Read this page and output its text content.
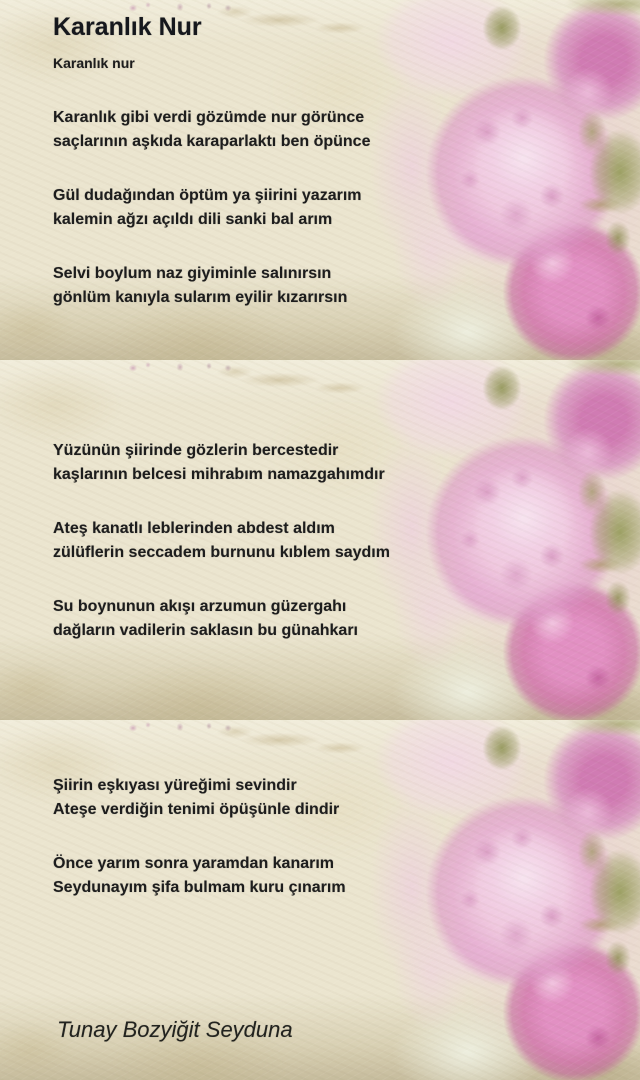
Karanlık Nur
Karanlık nur

Karanlık gibi verdi gözümde nur görünce
saçlarının aşkıda karaparlaktı ben öpünce

Gül dudağından öptüm ya şiirini yazarım
kalemin ağzı açıldı dili sanki bal arım

Selvi boylum naz giyiminle salınırsın
gönlüm kanıyla sularım eyilir kızarırsın

Yüzünün şiirinde gözlerin bercestedir
kaşlarının belcesi mihrabım namazgahımdır

Ateş kanatlı leblerinden abdest aldım
zülüflerin seccadem burnunu kıblem saydım

Su boynunun akışı arzumun güzergahı
dağların vadilerin saklasın bu günahkarı

Şiirin eşkıyası yüreğimi sevindir
Ateşe verdiğin tenimi öpüşünle dindir

Önce yarım sonra yaramdan kanarım
Seydunayım şifa bulmam kuru çınarım

Tunay Bozyiğit Seyduna
